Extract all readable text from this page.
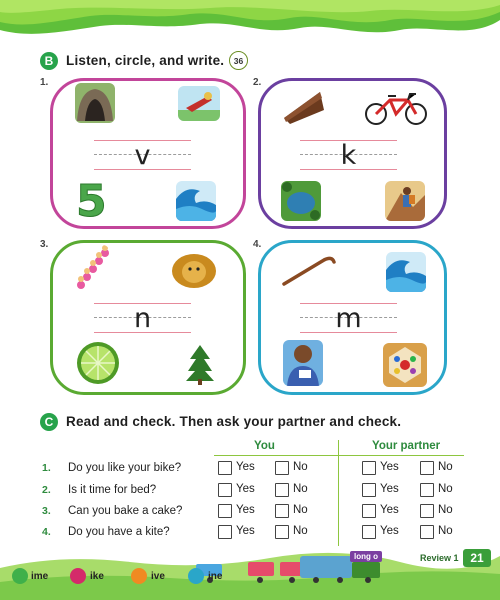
B Listen, circle, and write. 36
1.
v
5
2.
k
3.
n
4.
m
C Read and check. Then ask your partner and check.
You	Your partner
1.	Do you like your bike?	Yes	No	Yes	No
2.	Is it time for bed?	Yes	No	Yes	No
3.	Can you bake a cake?	Yes	No	Yes	No
4.	Do you have a kite?	Yes	No	Yes	No
long o	Review 1 21
ime	ike	ive	ine
